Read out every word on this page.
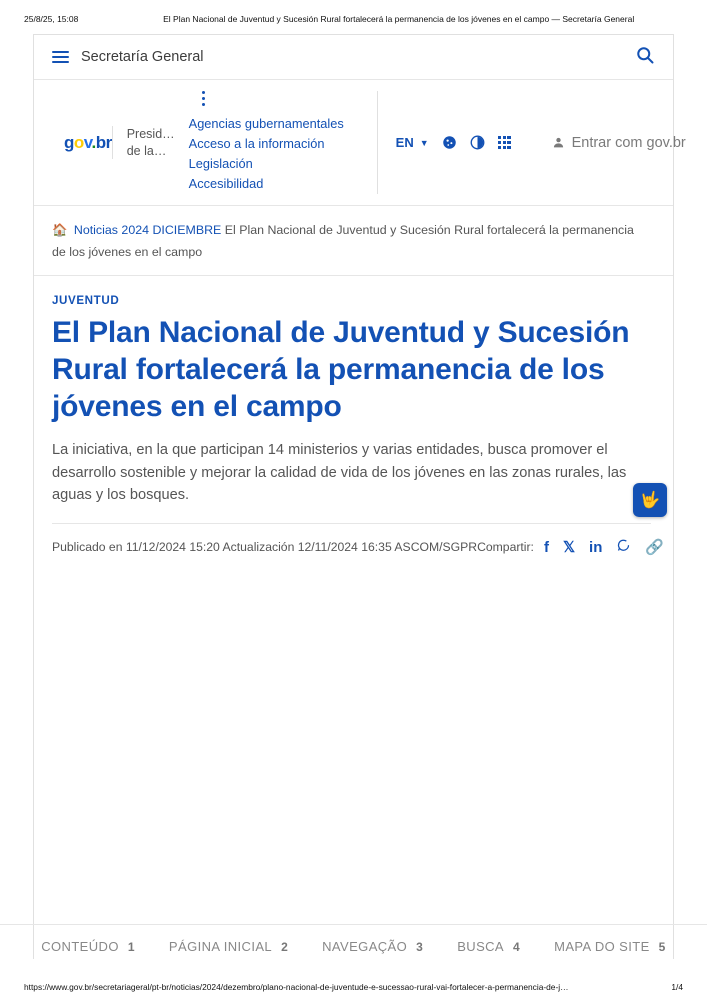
25/8/25, 15:08	El Plan Nacional de Juventud y Sucesión Rural fortalecerá la permanencia de los jóvenes en el campo — Secretaría General
Secretaría General
gov.br	Presid… de la…
Agencias gubernamentales
Acceso a la información
Legislación
Accesibilidad
EN ▼	Entrar com gov.br
🏠 Noticias 2024 DICIEMBRE El Plan Nacional de Juventud y Sucesión Rural fortalecerá la permanencia de los jóvenes en el campo
JUVENTUD
El Plan Nacional de Juventud y Sucesión Rural fortalecerá la permanencia de los jóvenes en el campo

La iniciativa, en la que participan 14 ministerios y varias entidades, busca promover el desarrollo sostenible y mejorar la calidad de vida de los jóvenes en las zonas rurales, las aguas y los bosques.

Publicado en 11/12/2024 15:20 Actualización 12/11/2024 16:35 ASCOM/SGPR Compartir: f 𝕏 in	🔗
CONTEÚDO 1	PÁGINA INICIAL 2	NAVEGAÇÃO 3	BUSCA 4	MAPA DO SITE 5
🤟
https://www.gov.br/secretariageral/pt-br/noticias/2024/dezembro/plano-nacional-de-juventude-e-sucessao-rural-vai-fortalecer-a-permanencia-de-j…	1/4
